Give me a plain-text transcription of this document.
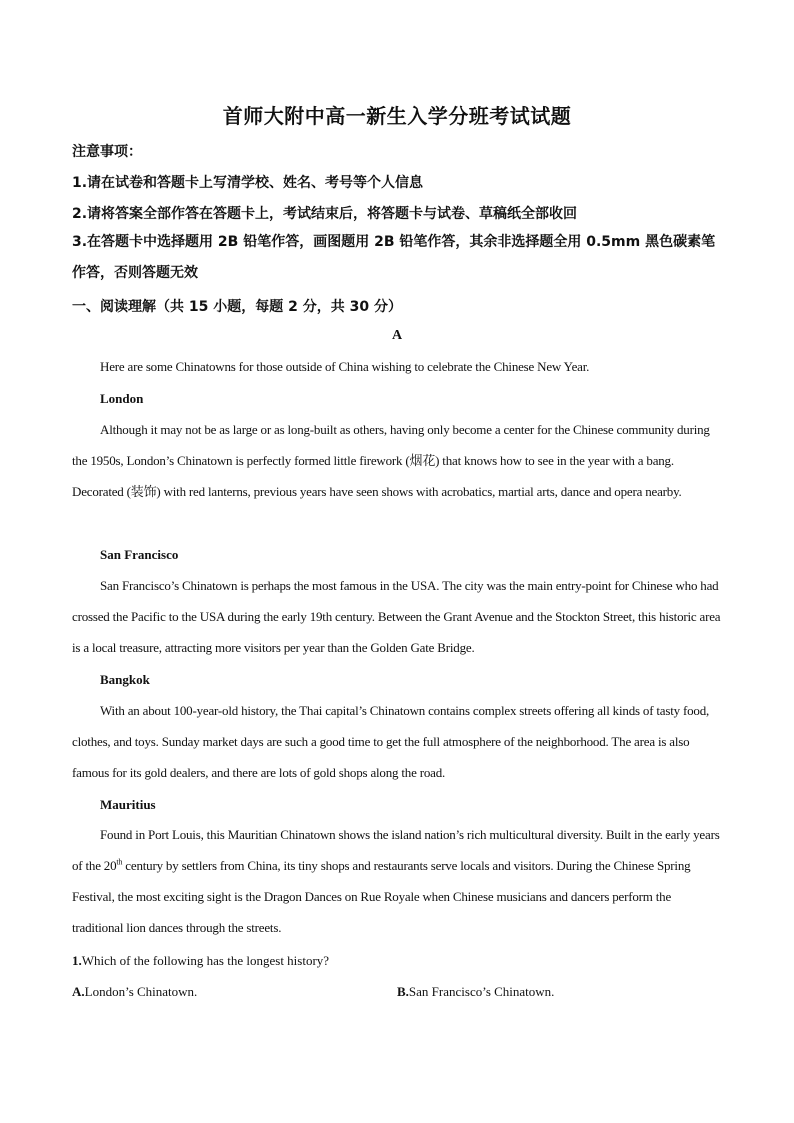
首师大附中高一新生入学分班考试试题
注意事项：
1.请在试卷和答题卡上写清学校、姓名、考号等个人信息
2.请将答案全部作答在答题卡上，考试结束后，将答题卡与试卷、草稿纸全部收回
3.在答题卡中选择题用 2B 铅笔作答，画图题用 2B 铅笔作答，其余非选择题全用 0.5mm 黑色碳素笔作答，否则答题无效
一、阅读理解（共 15 小题，每题 2 分，共 30 分）
A
Here are some Chinatowns for those outside of China wishing to celebrate the Chinese New Year.
London
Although it may not be as large or as long-built as others, having only become a center for the Chinese community during the 1950s, London’s Chinatown is perfectly formed little firework (烟花) that knows how to see in the year with a bang. Decorated (装饰) with red lanterns, previous years have seen shows with acrobatics, martial arts, dance and opera nearby.
San Francisco
San Francisco’s Chinatown is perhaps the most famous in the USA. The city was the main entry-point for Chinese who had crossed the Pacific to the USA during the early 19th century. Between the Grant Avenue and the Stockton Street, this historic area is a local treasure, attracting more visitors per year than the Golden Gate Bridge.
Bangkok
With an about 100-year-old history, the Thai capital’s Chinatown contains complex streets offering all kinds of tasty food, clothes, and toys. Sunday market days are such a good time to get the full atmosphere of the neighborhood. The area is also famous for its gold dealers, and there are lots of gold shops along the road.
Mauritius
Found in Port Louis, this Mauritian Chinatown shows the island nation’s rich multicultural diversity. Built in the early years of the 20th century by settlers from China, its tiny shops and restaurants serve locals and visitors. During the Chinese Spring Festival, the most exciting sight is the Dragon Dances on Rue Royale when Chinese musicians and dancers perform the traditional lion dances through the streets.
1.Which of the following has the longest history?
A.London’s Chinatown.	B.San Francisco’s Chinatown.
